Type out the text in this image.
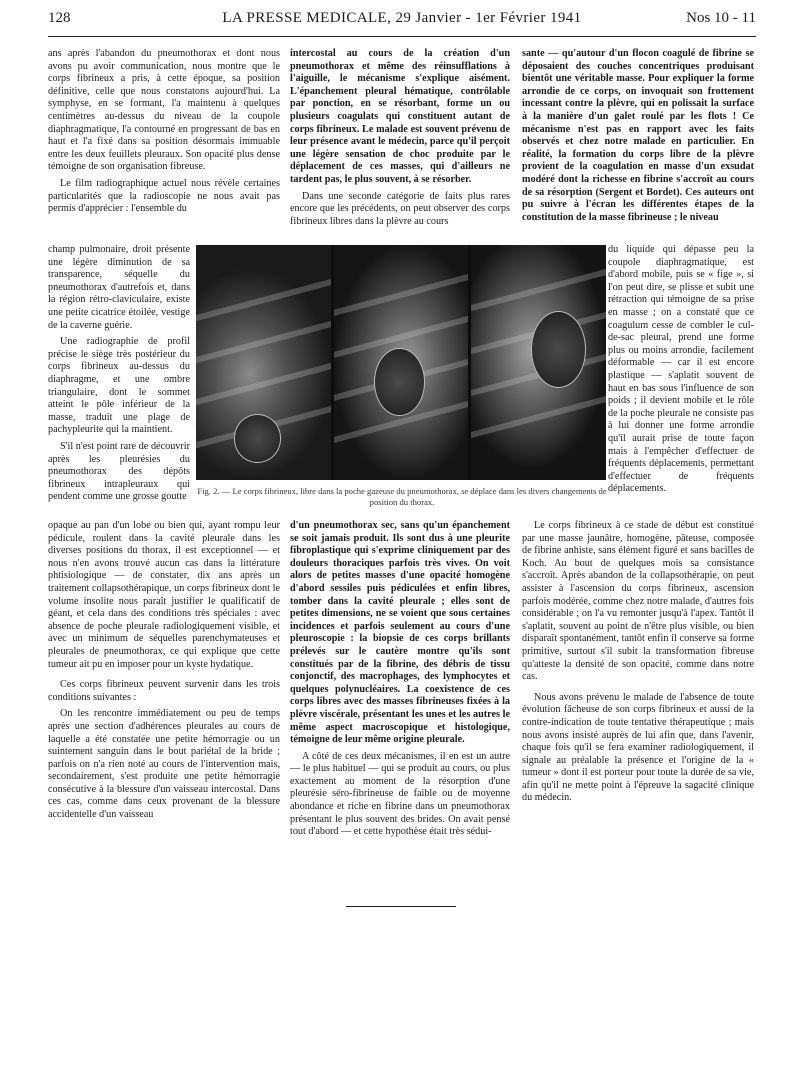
128	LA PRESSE MEDICALE, 29 Janvier - 1er Février 1941	Nos 10 - 11

ans après l'abandon du pneumothorax et dont nous avons pu avoir communication, nous montre que le corps fibrineux a pris, à cette époque, sa position définitive, celle que nous constatons aujourd'hui. La symphyse, en se formant, l'a maintenu à quelques centimètres au-dessus du niveau de la coupole diaphragmatique, l'a contourné en progressant de bas en haut et l'a fixé dans sa position désormais immuable entre les deux feuillets pleuraux. Son opacité plus dense témoigne de son organisation fibreuse.

Le film radiographique actuel nous révèle certaines particularités que la radioscopie ne nous avait pas permis d'apprécier : l'ensemble du

champ pulmonaire, droit présente une légère diminution de sa transparence, séquelle du pneumothorax d'autrefois et, dans la région rétro-claviculaire, existe une petite cicatrice étoilée, vestige de la caverne guérie.

Une radiographie de profil précise le siège très postérieur du corps fibrineux au-dessus du diaphragme, et une ombre triangulaire, dont le sommet atteint le pôle inférieur de la masse, traduit une plage de pachypleurite qui la maintient.

S'il n'est point rare de découvrir après les pleurésies du pneumothorax des dépôts fibrineux intrapleuraux qui pendent comme une grosse goutte

intercostal au cours de la création d'un pneumothorax et même des réinsufflations à l'aiguille, le mécanisme s'explique aisément. L'épanchement pleural hématique, contrôlable par ponction, en se résorbant, forme un ou plusieurs coagulats qui constituent autant de corps fibrineux. Le malade est souvent prévenu de leur présence avant le médecin, parce qu'il perçoit une légère sensation de choc produite par le déplacement de ces masses, qui d'ailleurs ne tardent pas, le plus souvent, à se résorber.

Dans une seconde catégorie de faits plus rares encore que les précédents, on peut observer des corps fibrineux libres dans la plèvre au cours

sante — qu'autour d'un flocon coagulé de fibrine se déposaient des couches concentriques produisant bientôt une véritable masse. Pour expliquer la forme arrondie de ce corps, on invoquait son frottement incessant contre la plèvre, qui en polissait la surface à la manière d'un galet roulé par les flots ! Ce mécanisme n'est pas en rapport avec les faits observés et chez notre malade en particulier. En réalité, la formation du corps libre de la plèvre provient de la coagulation en masse d'un exsudat modéré dont la richesse en fibrine s'accroît au cours de sa résorption (Sergent et Bordet). Ces auteurs ont pu suivre à l'écran les différentes étapes de la constitution de la masse fibrineuse ; le niveau

du liquide qui dépasse peu la coupole diaphragmatique, est d'abord mobile, puis se « fige », si l'on peut dire, se plisse et subit une rétraction qui témoigne de sa prise en masse ; on a constaté que ce coagulum cesse de combler le cul-de-sac pleural, prend une forme plus ou moins arrondie, facilement déformable — car il est encore plastique — s'aplatit souvent de haut en bas sous l'influence de son poids ; il devient mobile et le rôle de la poche pleurale ne consiste pas à lui donner une forme arrondie qu'il aurait prise de toute façon mais à l'empêcher d'effectuer de fréquents déplacements, permettant d'effectuer de fréquents déplacements.

Fig. 2. — Le corps fibrineux, libre dans la poche gazeuse du pneumothorax, se déplace dans les divers changements de position du thorax.

opaque au pan d'un lobe ou bien qui, ayant rompu leur pédicule, roulent dans la cavité pleurale dans les diverses positions du thorax, il est exceptionnel — et nous n'en avons trouvé aucun cas dans la littérature phtisiologique — de constater, dix ans après un traitement collapsothérapique, un corps fibrineux dont le volume insolite nous paraît justifier le qualificatif de géant, et cela dans des conditions très spéciales : avec absence de poche pleurale radiologiquement visible, et avec un minimum de séquelles parenchymateuses et pleurales de pneumothorax, ce qui explique que cette tumeur ait pu en imposer pour un kyste hydatique.

Ces corps fibrineux peuvent survenir dans les trois conditions suivantes :

On les rencontre immédiatement ou peu de temps après une section d'adhérences pleurales au cours de laquelle a été constatée une petite hémorragie ou un suintement sanguin dans le bout pariétal de la bride ; parfois on n'a rien noté au cours de l'intervention mais, secondairement, s'est produite une petite hémorragie consécutive à la blessure d'un vaisseau intercostal. Dans ces cas, comme dans ceux provenant de la blessure accidentelle d'un vaisseau

d'un pneumothorax sec, sans qu'un épanchement se soit jamais produit. Ils sont dus à une pleurite fibroplastique qui s'exprime cliniquement par des douleurs thoraciques parfois très vives. On voit alors de petites masses d'une opacité homogène d'abord sessiles puis pédiculées et enfin libres, tomber dans la cavité pleurale ; elles sont de petites dimensions, ne se voient que sous certaines incidences et parfois seulement au cours d'une pleuroscopie : la biopsie de ces corps brillants prélevés sur le cautère montre qu'ils sont constitués par de la fibrine, des débris de tissu conjonctif, des macrophages, des lymphocytes et quelques polynucléaires. La coexistence de ces corps libres avec des masses fibrineuses fixées à la plèvre viscérale, présentant les unes et les autres le même aspect macroscopique et histologique, témoigne de leur même origine pleurale.

A côté de ces deux mécanismes, il en est un autre — le plus habituel — qui se produit au cours, ou plus exactement au moment de la résorption d'une pleurésie séro-fibrineuse de faible ou de moyenne abondance et riche en fibrine dans un pneumothorax présentant le plus souvent des brides. On avait pensé tout d'abord — et cette hypothèse était très sédui-

Le corps fibrineux à ce stade de début est constitué par une masse jaunâtre, homogène, pâteuse, composée de fibrine anhiste, sans élément figuré et sans bacilles de Koch. Au bout de quelques mois sa consistance s'accroît. Après abandon de la collapsothérapie, on peut assister à l'ascension du corps fibrineux, ascension parfois modérée, comme chez notre malade, d'autres fois considérable ; on l'a vu remonter jusqu'à l'apex. Tantôt il s'aplatit, souvent au point de n'être plus visible, ou bien disparaît spontanément, tantôt enfin il conserve sa forme primitive, surtout s'il subit la transformation fibreuse qu'atteste la densité de son opacité, comme dans notre cas.

Nous avons prévenu le malade de l'absence de toute évolution fâcheuse de son corps fibrineux et aussi de la contre-indication de toute tentative thérapeutique ; mais nous avons insisté auprès de lui afin que, dans l'avenir, chaque fois qu'il se fera examiner radiologiquement, il signale au préalable la présence et l'origine de la « tumeur » dont il est porteur pour toute la durée de sa vie, afin qu'il ne mette point à l'épreuve la sagacité clinique du médecin.
